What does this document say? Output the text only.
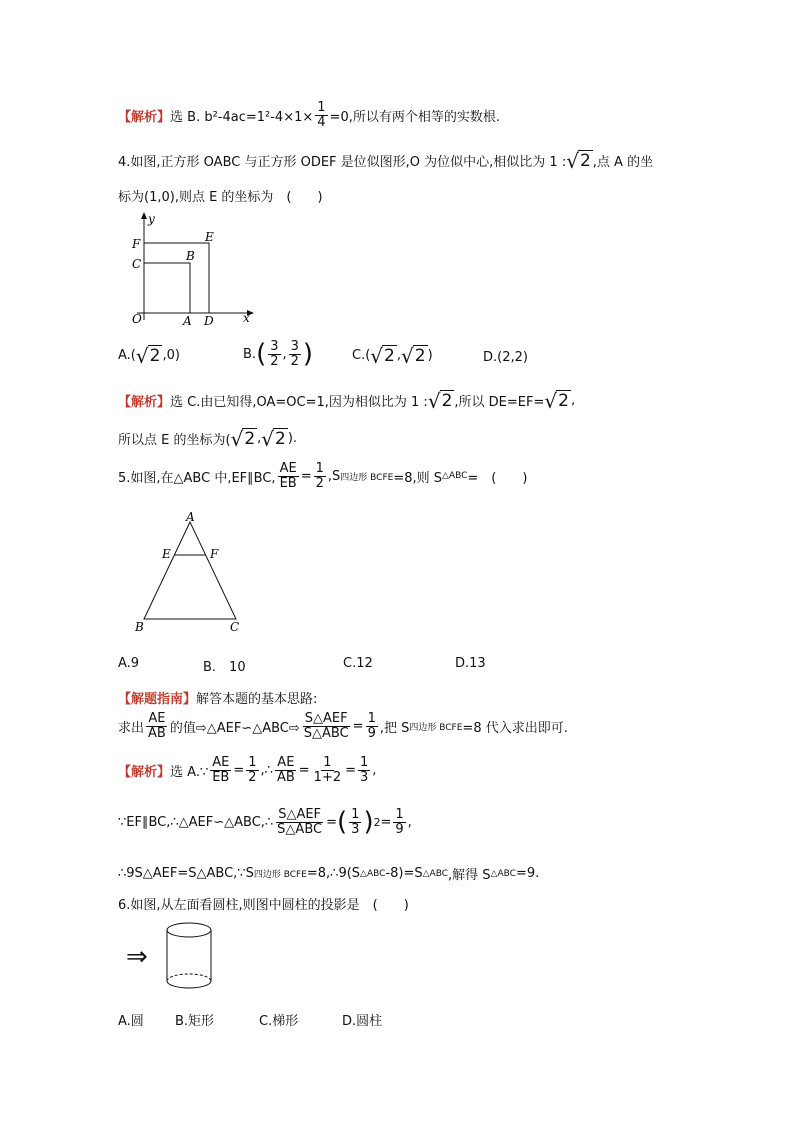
【解析】 选 B. $b^2-4ac=1^2-4\times 1\times \frac{1}{4} =0$,所以有两个相等的实数根.
4.如图,正方形 OABC 与正方形 ODEF 是位似图形,O 为位似中心,相似比为 1 : √ 2 ,点 A 的坐
标为(1,0),则点 E 的坐标为　(　　)
y
x
O	A D
B
E
C
F
A.( √ 2 ,0)	B. ( $\frac{3}{2}$ , $\frac{3}{2}$ )	C.( √ 2 , √ 2 )	D.(2,2)
【解析】 选 C.由已知得,OA=OC=1,因为相似比为 1 : √ 2 ,所以 DE=EF= √ 2 ,
所以点 E 的坐标为( √ 2 , √ 2 ).
5.如图,在△ABC 中,EF∥BC, $\frac{AE}{EB} = \frac{1}{2} ,S$ 四边形 BCFE =8,则 S △ABC =　(　　)
A
E	F
B	C
A.9	B.　10	C.12	D.13
【解题指南】 解答本题的基本思路:
求出 $\frac{AE}{AB}$ 的值⇨△AEF∽△ABC⇨ $\frac{\text{S△AEF}}{\text{S△ABC}} = \frac{1}{9}$ ,把 S 四边形 BCFE =8 代入求出即可.
【解析】 选 A.∵ $\frac{AE}{EB} = \frac{1}{2}$ ,∴ $\frac{AE}{AB} = \frac{1}{1+2} = \frac{1}{3}$ ,
∵EF∥BC,∴△AEF∽△ABC,∴ $\frac{\text{S△AEF}}{\text{S△ABC}}$ = ( $\frac{1}{3}$ ) $2 = \frac{1}{9}$ ,
∴9S△AEF=S△ABC,∵S 四边形 BCFE =8,∴9(S △ABC -8)=S △ABC ,解得 S △ABC =9.
6.如图,从左面看圆柱,则图中圆柱的投影是　(　　)
⇒
A.圆 B.矩形	C.梯形	D.圆柱
